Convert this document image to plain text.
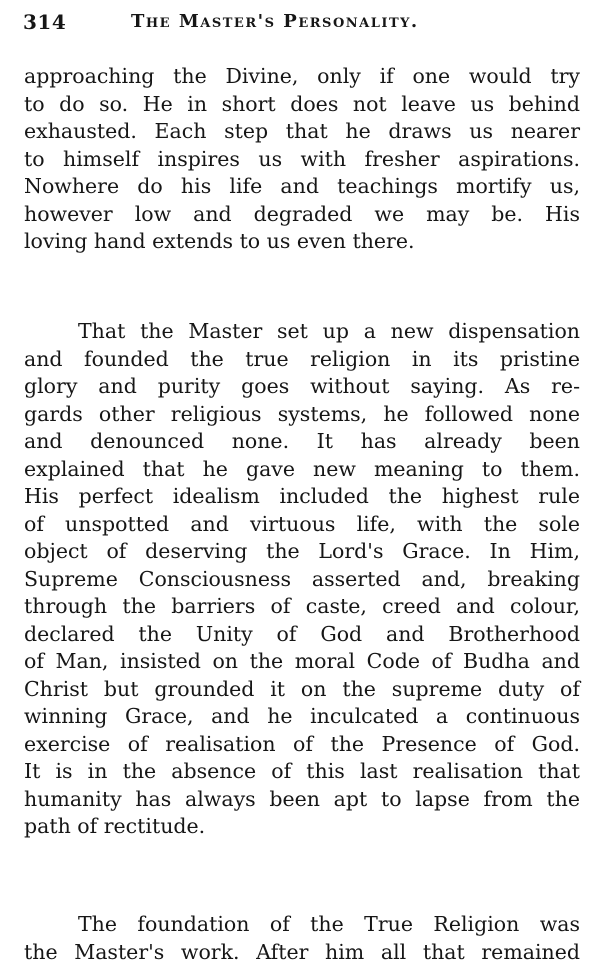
314	The Master's Personality.
approaching the Divine, only if one would try
to do so. He in short does not leave us behind
exhausted. Each step that he draws us nearer
to himself inspires us with fresher aspirations.
Nowhere do his life and teachings mortify us,
however low and degraded we may be. His
loving hand extends to us even there.
That the Master set up a new dispensation
and founded the true religion in its pristine
glory and purity goes without saying. As re-
gards other religious systems, he followed none
and denounced none. It has already been
explained that he gave new meaning to them.
His perfect idealism included the highest rule
of unspotted and virtuous life, with the sole
object of deserving the Lord's Grace. In Him,
Supreme Consciousness asserted and, breaking
through the barriers of caste, creed and colour,
declared the Unity of God and Brotherhood
of Man, insisted on the moral Code of Budha and
Christ but grounded it on the supreme duty of
winning Grace, and he inculcated a continuous
exercise of realisation of the Presence of God.
It is in the absence of this last realisation that
humanity has always been apt to lapse from the
path of rectitude.
The foundation of the True Religion was
the Master's work. After him all that remained
